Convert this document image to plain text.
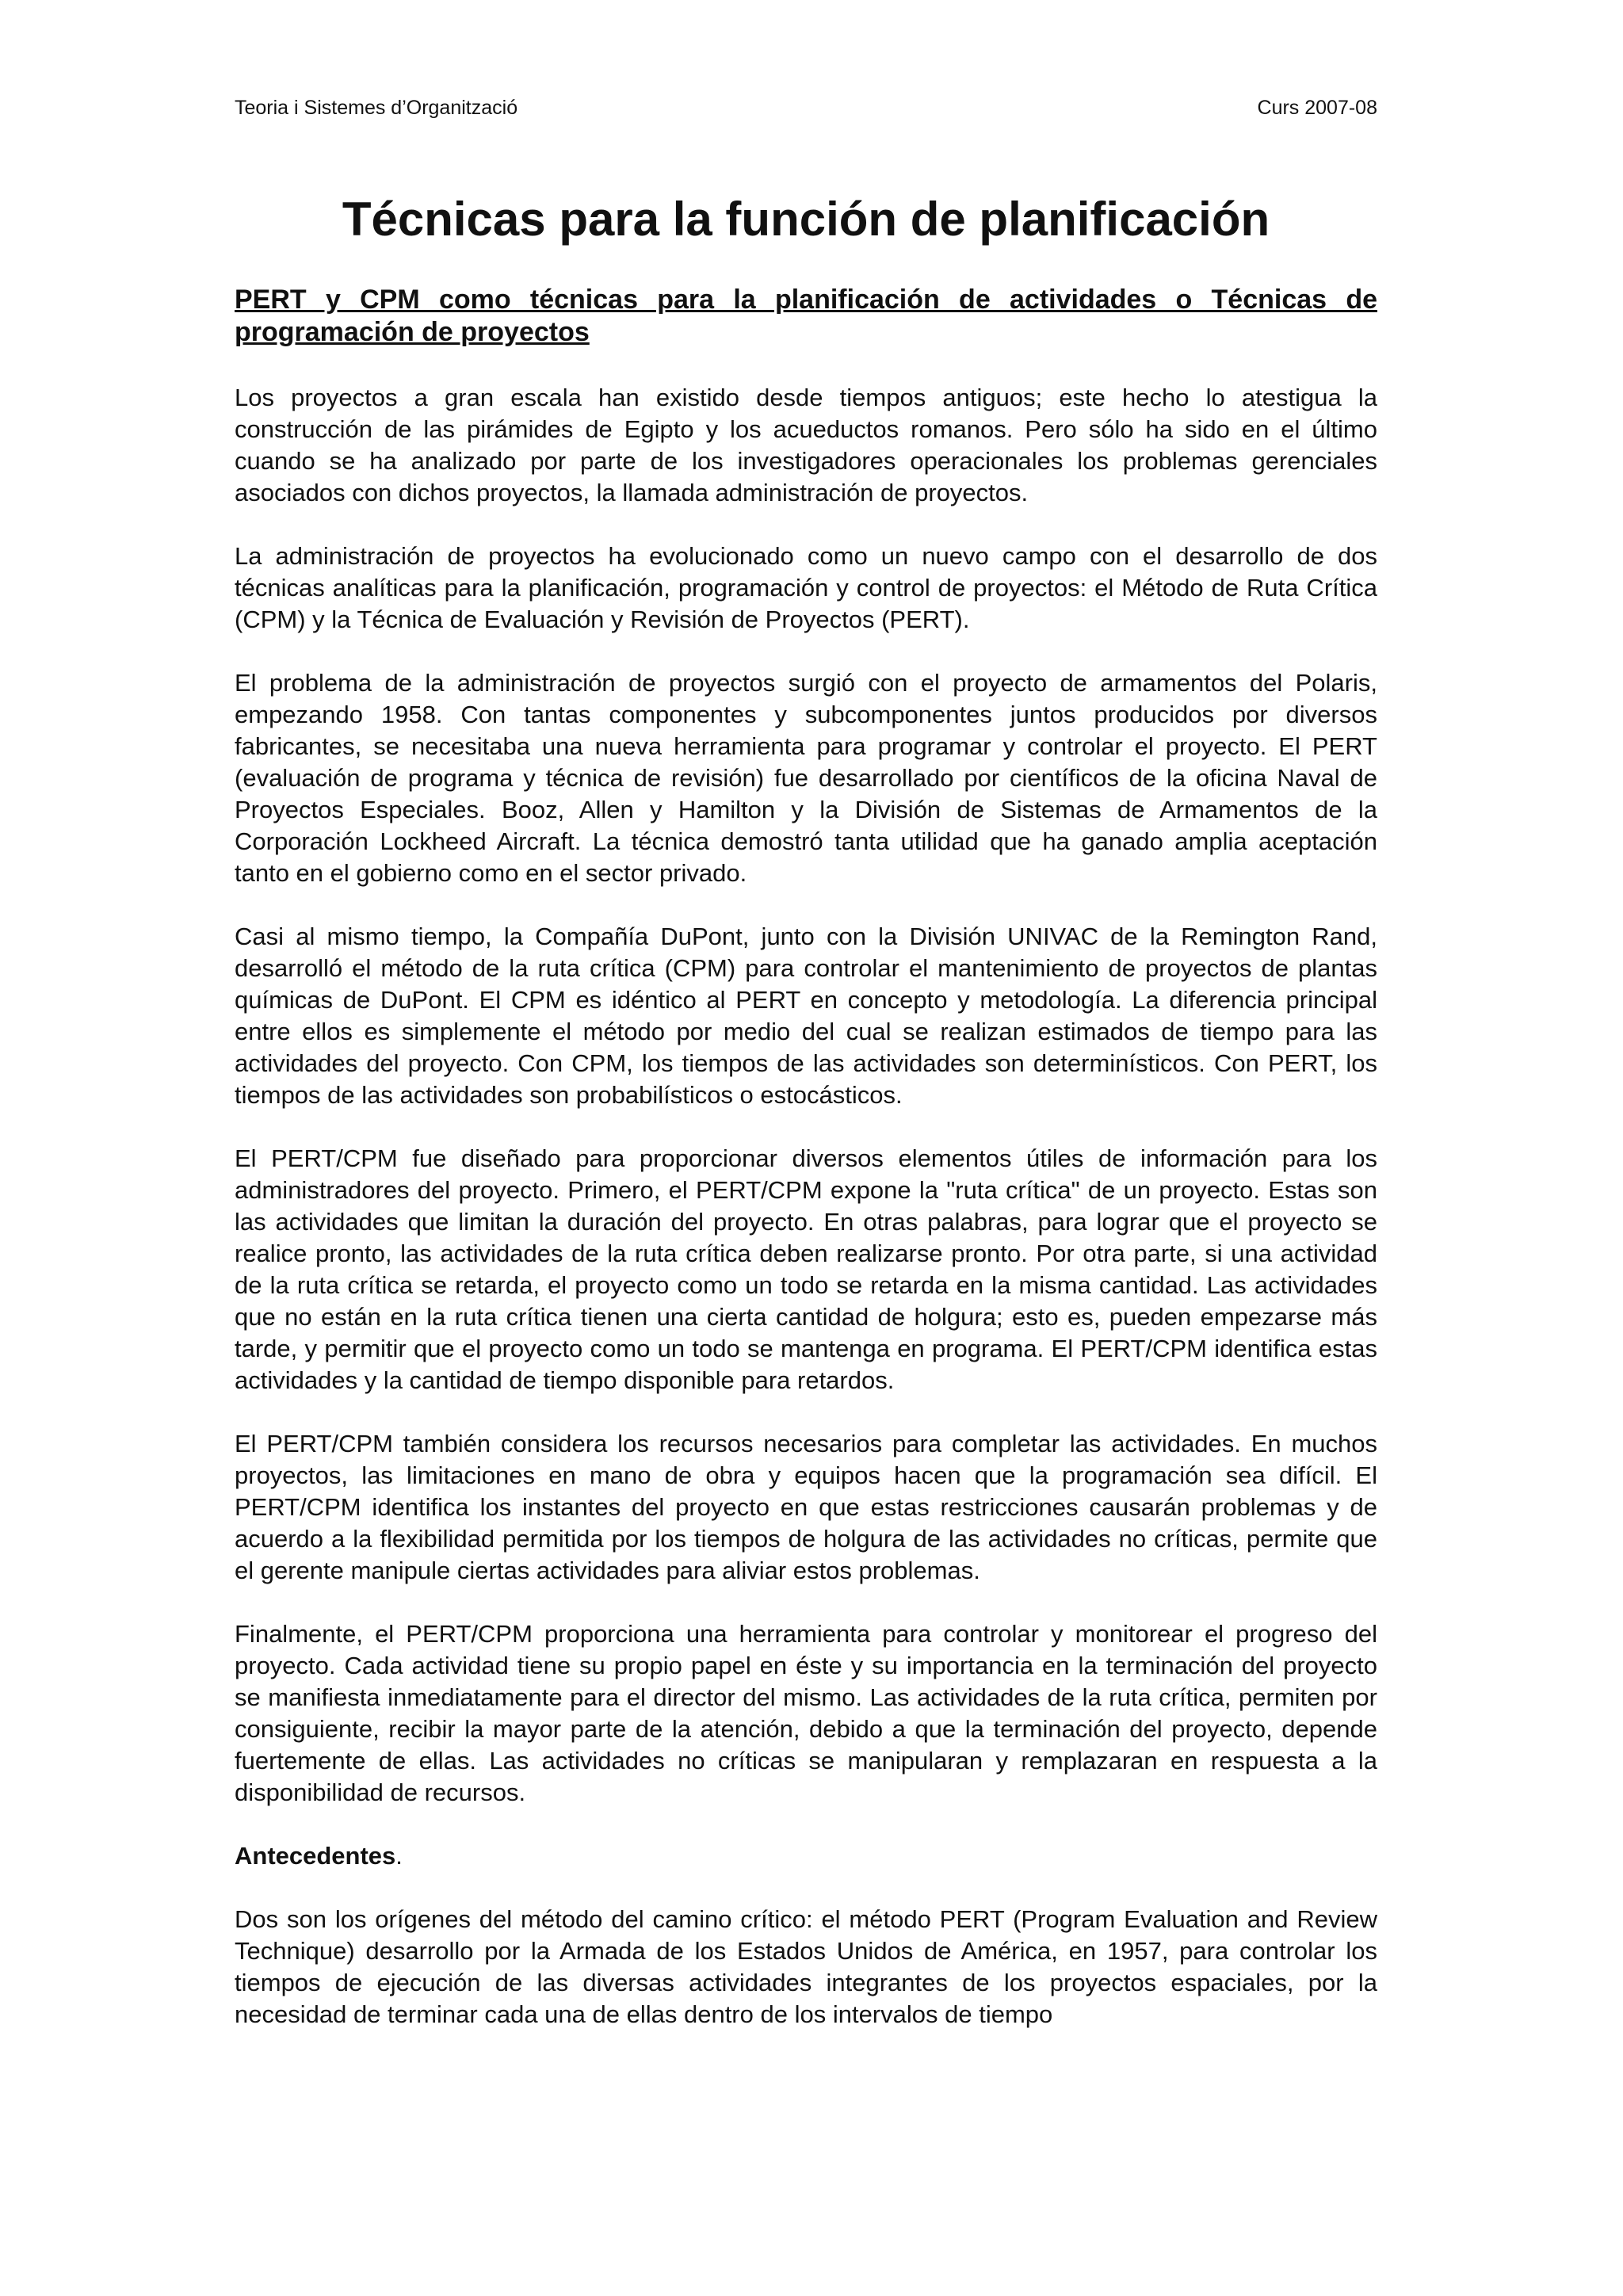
Teoria i Sistemes d’Organització	Curs 2007-08
Técnicas para la función de planificación

PERT y CPM como técnicas para la planificación de actividades o Técnicas de programación de proyectos

Los proyectos a gran escala han existido desde tiempos antiguos; este hecho lo atestigua la construcción de las pirámides de Egipto y los acueductos romanos. Pero sólo ha sido en el último cuando se ha analizado por parte de los investigadores operacionales los problemas gerenciales asociados con dichos proyectos, la llamada administración de proyectos.

La administración de proyectos ha evolucionado como un nuevo campo con el desarrollo de dos técnicas analíticas para la planificación, programación y control de proyectos: el Método de Ruta Crítica (CPM) y la Técnica de Evaluación y Revisión de Proyectos (PERT).

El problema de la administración de proyectos surgió con el proyecto de armamentos del Polaris, empezando 1958. Con tantas componentes y subcomponentes juntos producidos por diversos fabricantes, se necesitaba una nueva herramienta para programar y controlar el proyecto. El PERT (evaluación de programa y técnica de revisión) fue desarrollado por científicos de la oficina Naval de Proyectos Especiales. Booz, Allen y Hamilton y la División de Sistemas de Armamentos de la Corporación Lockheed Aircraft. La técnica demostró tanta utilidad que ha ganado amplia aceptación tanto en el gobierno como en el sector privado.

Casi al mismo tiempo, la Compañía DuPont, junto con la División UNIVAC de la Remington Rand, desarrolló el método de la ruta crítica (CPM) para controlar el mantenimiento de proyectos de plantas químicas de DuPont. El CPM es idéntico al PERT en concepto y metodología. La diferencia principal entre ellos es simplemente el método por medio del cual se realizan estimados de tiempo para las actividades del proyecto. Con CPM, los tiempos de las actividades son determinísticos. Con PERT, los tiempos de las actividades son probabilísticos o estocásticos.

El PERT/CPM fue diseñado para proporcionar diversos elementos útiles de información para los administradores del proyecto. Primero, el PERT/CPM expone la "ruta crítica" de un proyecto. Estas son las actividades que limitan la duración del proyecto. En otras palabras, para lograr que el proyecto se realice pronto, las actividades de la ruta crítica deben realizarse pronto. Por otra parte, si una actividad de la ruta crítica se retarda, el proyecto como un todo se retarda en la misma cantidad. Las actividades que no están en la ruta crítica tienen una cierta cantidad de holgura; esto es, pueden empezarse más tarde, y permitir que el proyecto como un todo se mantenga en programa. El PERT/CPM identifica estas actividades y la cantidad de tiempo disponible para retardos.

El PERT/CPM también considera los recursos necesarios para completar las actividades. En muchos proyectos, las limitaciones en mano de obra y equipos hacen que la programación sea difícil. El PERT/CPM identifica los instantes del proyecto en que estas restricciones causarán problemas y de acuerdo a la flexibilidad permitida por los tiempos de holgura de las actividades no críticas, permite que el gerente manipule ciertas actividades para aliviar estos problemas.

Finalmente, el PERT/CPM proporciona una herramienta para controlar y monitorear el progreso del proyecto. Cada actividad tiene su propio papel en éste y su importancia en la terminación del proyecto se manifiesta inmediatamente para el director del mismo. Las actividades de la ruta crítica, permiten por consiguiente, recibir la mayor parte de la atención, debido a que la terminación del proyecto, depende fuertemente de ellas. Las actividades no críticas se manipularan y remplazaran en respuesta a la disponibilidad de recursos.

Antecedentes.

Dos son los orígenes del método del camino crítico: el método PERT (Program Evaluation and Review Technique) desarrollo por la Armada de los Estados Unidos de América, en 1957, para controlar los tiempos de ejecución de las diversas actividades integrantes de los proyectos espaciales, por la necesidad de terminar cada una de ellas dentro de los intervalos de tiempo
